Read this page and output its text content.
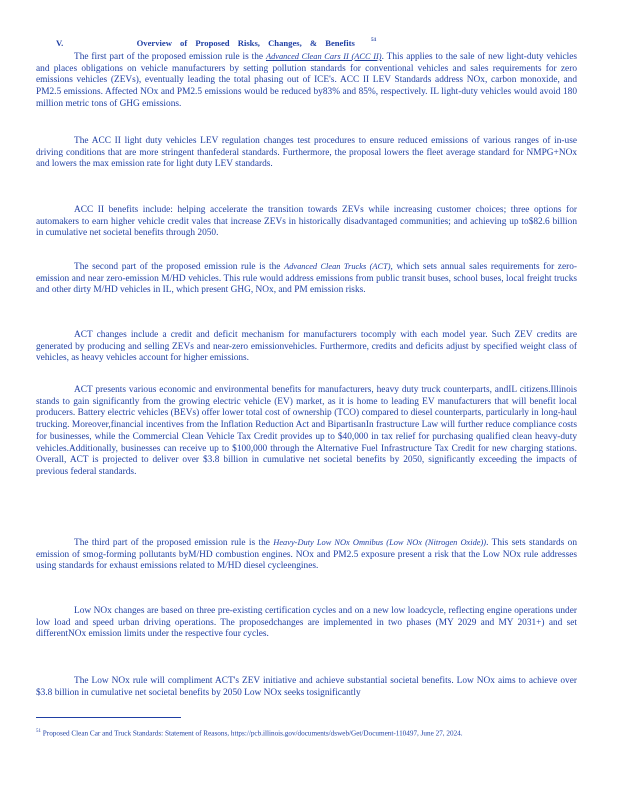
V.	Overview of Proposed Risks, Changes, & Benefits	$^{51}$

The first part of the proposed emission rule is the Advanced Clean Cars II (ACC II). This applies to the sale of new light-duty vehicles and places obligations on vehicle manufacturers by setting pollution standards for conventional vehicles and sales requirements for zero emissions vehicles (ZEVs), eventually leading the total phasing out of ICE's. ACC II LEV Standards address NOx, carbon monoxide, and PM2.5 emissions. Affected NOx and PM2.5 emissions would be reduced by83% and 85%, respectively. IL light-duty vehicles would avoid 180 million metric tons of GHG emissions.

The ACC II light duty vehicles LEV regulation changes test procedures to ensure reduced emissions of various ranges of in-use driving conditions that are more stringent thanfederal standards. Furthermore, the proposal lowers the fleet average standard for NMPG+NOx and lowers the max emission rate for light duty LEV standards.

ACC II benefits include: helping accelerate the transition towards ZEVs while increasing customer choices; three options for automakers to earn higher vehicle credit vales that increase ZEVs in historically disadvantaged communities; and achieving up to$82.6 billion in cumulative net societal benefits through 2050.

The second part of the proposed emission rule is the Advanced Clean Trucks (ACT), which sets annual sales requirements for zero-emission and near zero-emission M/HD vehicles. This rule would address emissions from public transit buses, school buses, local freight trucks and other dirty M/HD vehicles in IL, which present GHG, NOx, and PM emission risks.

ACT changes include a credit and deficit mechanism for manufacturers tocomply with each model year. Such ZEV credits are generated by producing and selling ZEVs and near-zero emissionvehicles. Furthermore, credits and deficits adjust by specified weight class of vehicles, as heavy vehicles account for higher emissions.

ACT presents various economic and environmental benefits for manufacturers, heavy duty truck counterparts, andIL citizens.Illinois stands to gain significantly from the growing electric vehicle (EV) market, as it is home to leading EV manufacturers that will benefit local producers. Battery electric vehicles (BEVs) offer lower total cost of ownership (TCO) compared to diesel counterparts, particularly in long-haul trucking. Moreover,financial incentives from the Inflation Reduction Act and BipartisanIn frastructure Law will further reduce compliance costs for businesses, while the Commercial Clean Vehicle Tax Credit provides up to $40,000 in tax relief for purchasing qualified clean heavy-duty vehicles.Additionally, businesses can receive up to $100,000 through the Alternative Fuel Infrastructure Tax Credit for new charging stations. Overall, ACT is projected to deliver over $3.8 billion in cumulative net societal benefits by 2050, significantly exceeding the impacts of previous federal standards.

The third part of the proposed emission rule is the Heavy-Duty Low NOx Omnibus (Low NOx (Nitrogen Oxide)). This sets standards on emission of smog-forming pollutants byM/HD combustion engines. NOx and PM2.5 exposure present a risk that the Low NOx rule addresses using standards for exhaust emissions related to M/HD diesel cycleengines.

Low NOx changes are based on three pre-existing certification cycles and on a new low loadcycle, reflecting engine operations under low load and speed urban driving operations. The proposedchanges are implemented in two phases (MY 2029 and MY 2031+) and set differentNOx emission limits under the respective four cycles.

The Low NOx rule will compliment ACT's ZEV initiative and achieve substantial societal benefits. Low NOx aims to achieve over $3.8 billion in cumulative net societal benefits by 2050 Low NOx seeks tosignificantly

$^{51}$ Proposed Clean Car and Truck Standards: Statement of Reasons, https://pcb.illinois.gov/documents/dsweb/Get/Document-110497, June 27, 2024.
